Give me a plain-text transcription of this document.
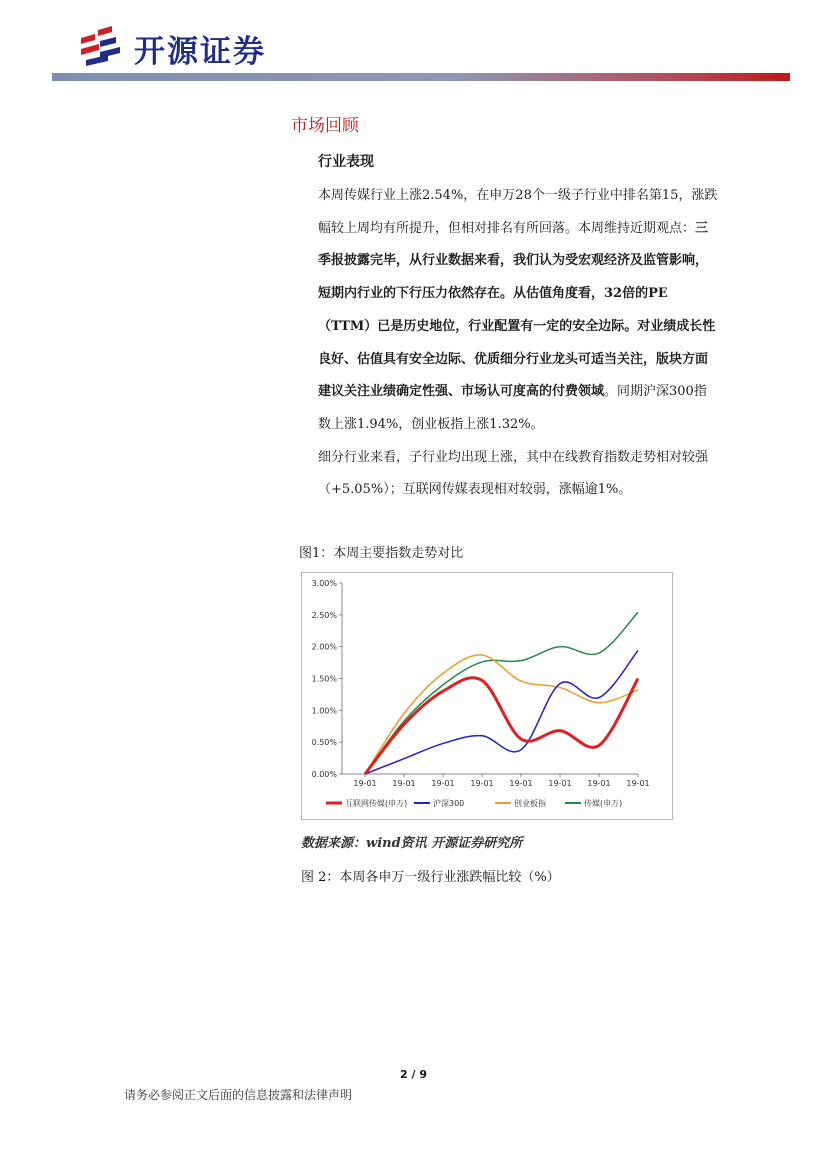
开源证券
市场回顾
行业表现

本周传媒行业上涨2.54%，在申万28个一级子行业中排名第15，涨跌幅较上周均有所提升，但相对排名有所回落。本周维持近期观点：三季报披露完毕，从行业数据来看，我们认为受宏观经济及监管影响，短期内行业的下行压力依然存在。从估值角度看，32倍的PE（TTM）已是历史地位，行业配置有一定的安全边际。对业绩成长性良好、估值具有安全边际、优质细分行业龙头可适当关注，版块方面建议关注业绩确定性强、市场认可度高的付费领域。同期沪深300指数上涨1.94%，创业板指上涨1.32%。

细分行业来看，子行业均出现上涨，其中在线教育指数走势相对较强（+5.05%）；互联网传媒表现相对较弱，涨幅逾1%。

图1：本周主要指数走势对比
0.00%
0.50%
1.00%
1.50%
2.00%
2.50%
3.00%
19-01 19-01 19-01 19-01 19-01 19-01 19-01 19-01
互联网传媒(申万)	沪深300	创业板指	传媒(申万)
数据来源：wind资讯 开源证券研究所
图 2：本周各申万一级行业涨跌幅比较（%）
2 / 9
请务必参阅正文后面的信息披露和法律声明
